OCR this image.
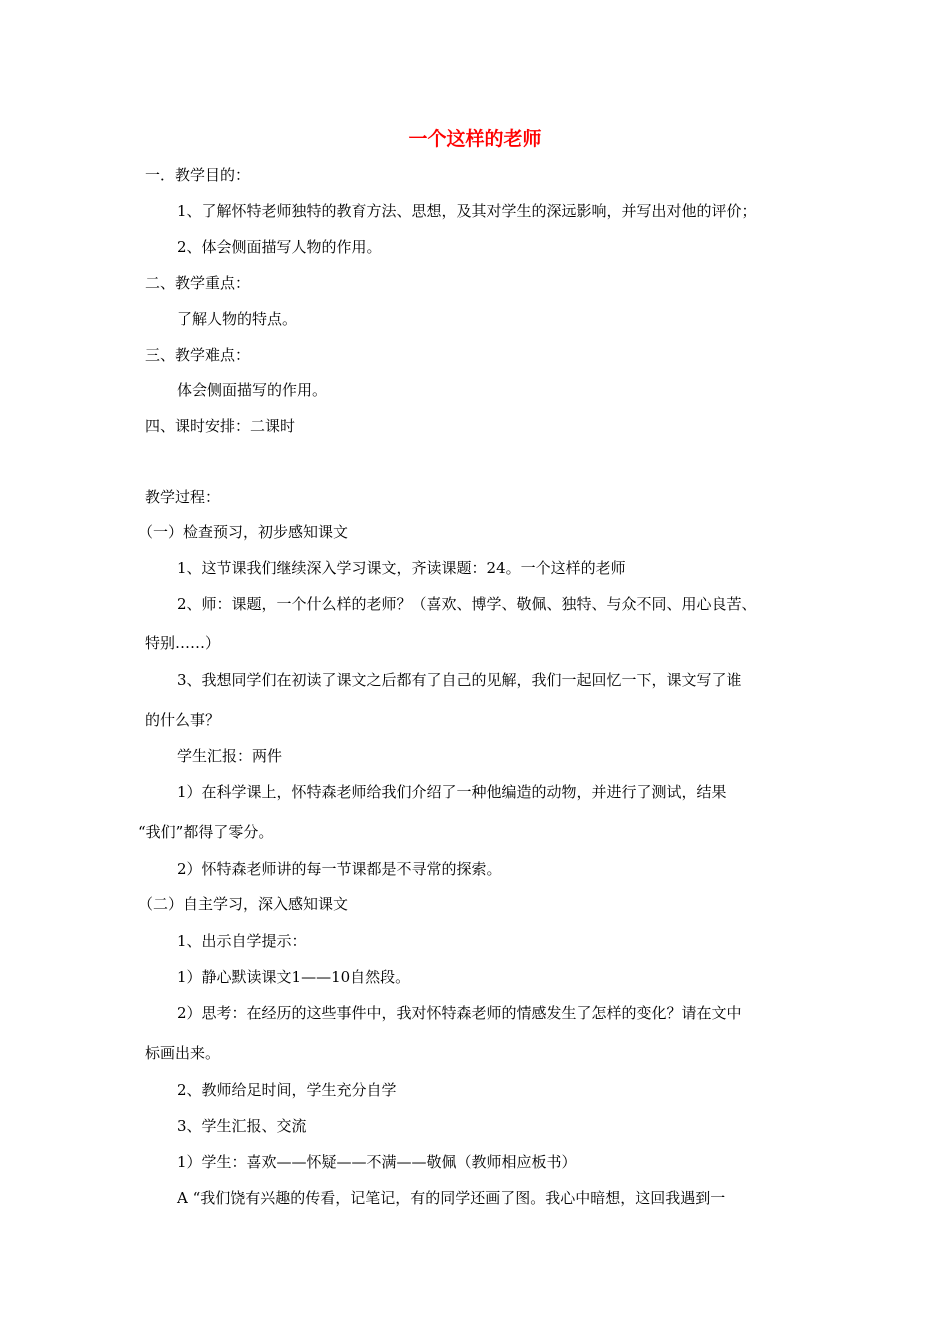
一个这样的老师
一．教学目的：
1、了解怀特老师独特的教育方法、思想，及其对学生的深远影响，并写出对他的评价；
2、体会侧面描写人物的作用。
二、教学重点：
了解人物的特点。
三、教学难点：
体会侧面描写的作用。
四、课时安排：二课时
教学过程：
（一）检查预习，初步感知课文
1、这节课我们继续深入学习课文，齐读课题：24。一个这样的老师
2、师：课题，一个什么样的老师？（喜欢、博学、敬佩、独特、与众不同、用心良苦、
特别……）
3、我想同学们在初读了课文之后都有了自己的见解，我们一起回忆一下，课文写了谁
的什么事？
学生汇报：两件
1）在科学课上，怀特森老师给我们介绍了一种他编造的动物，并进行了测试，结果
“我们”都得了零分。
2）怀特森老师讲的每一节课都是不寻常的探索。
（二）自主学习，深入感知课文
1、出示自学提示：
1）静心默读课文1——10自然段。
2）思考：在经历的这些事件中，我对怀特森老师的情感发生了怎样的变化？请在文中
标画出来。
2、教师给足时间，学生充分自学
3、学生汇报、交流
1）学生：喜欢——怀疑——不满——敬佩（教师相应板书）
A “我们饶有兴趣的传看，记笔记，有的同学还画了图。我心中暗想，这回我遇到一
